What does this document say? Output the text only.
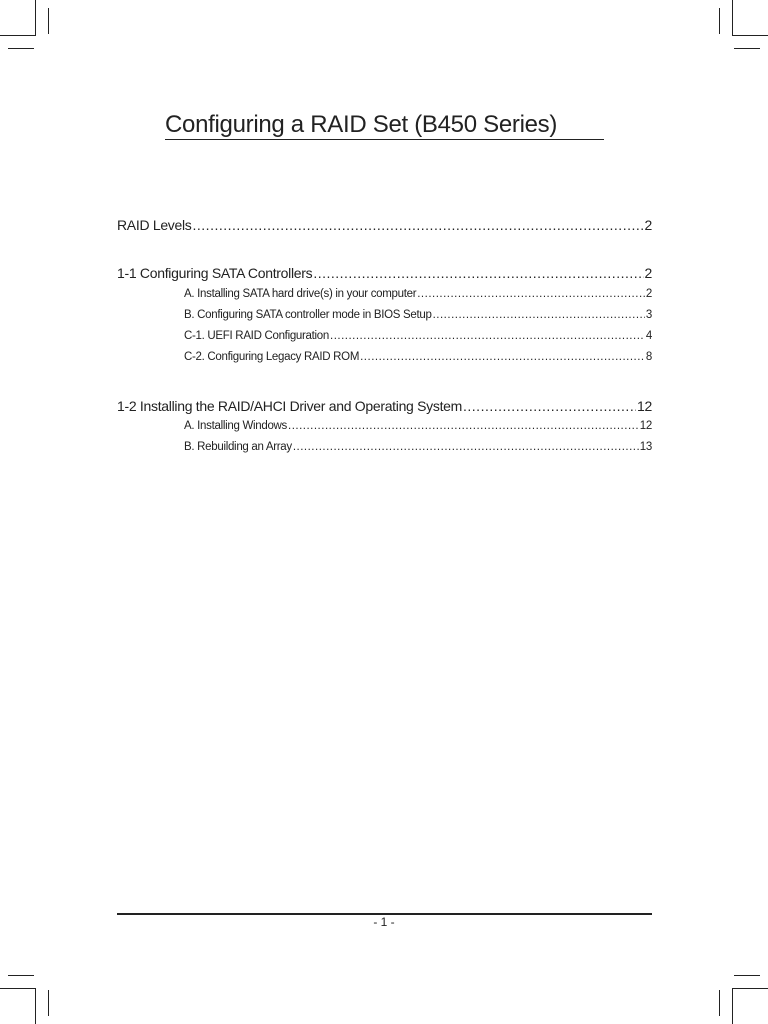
Configuring a RAID Set (B450 Series)
RAID Levels .....	2
1-1 Configuring SATA Controllers .....	2
A. Installing SATA hard drive(s) in your computer .....	2
B. Configuring SATA controller mode in BIOS Setup .....	3
C-1. UEFI RAID Configuration .....	4
C-2. Configuring Legacy RAID ROM .....	8
1-2 Installing the RAID/AHCI Driver and Operating System .....	12
A. Installing Windows .....	12
B. Rebuilding an Array .....	13
- 1 -
